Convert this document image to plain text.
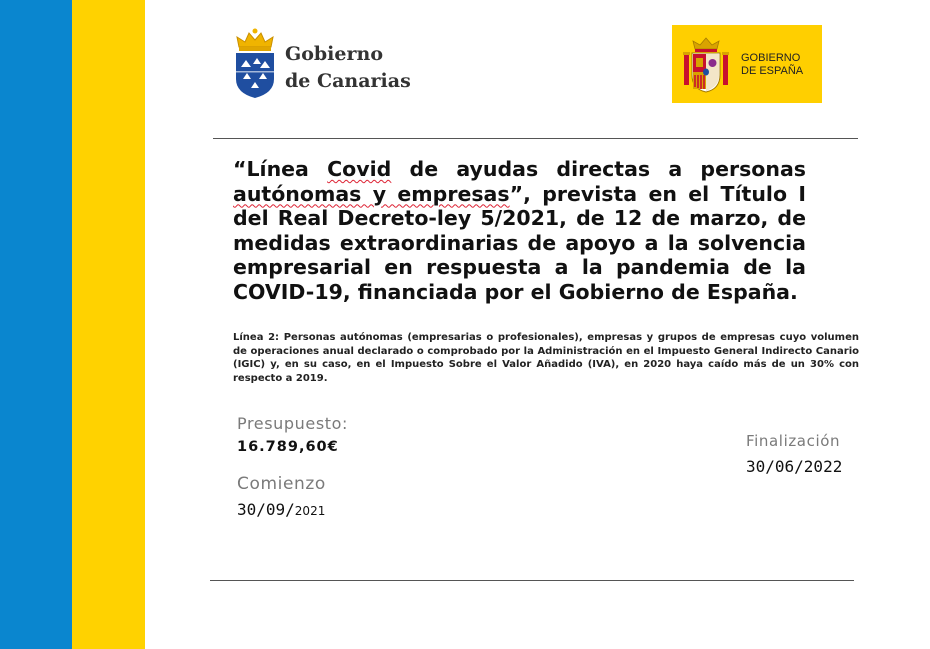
Gobierno
de Canarias
GOBIERNO
DE ESPAÑA
“Línea Covid de ayudas directas a personas autónomas y empresas”, prevista en el Título I del Real Decreto-ley 5/2021, de 12 de marzo, de medidas extraordinarias de apoyo a la solvencia empresarial en respuesta a la pandemia de la COVID-19, financiada por el Gobierno de España.
Línea 2: Personas autónomas (empresarias o profesionales), empresas y grupos de empresas cuyo volumen de operaciones anual declarado o comprobado por la Administración en el Impuesto General Indirecto Canario (IGIC) y, en su caso, en el Impuesto Sobre el Valor Añadido (IVA), en 2020 haya caído más de un 30% con respecto a 2019.
Presupuesto:
16.789,60€
Comienzo
30/09/2021
Finalización
30/06/2022
